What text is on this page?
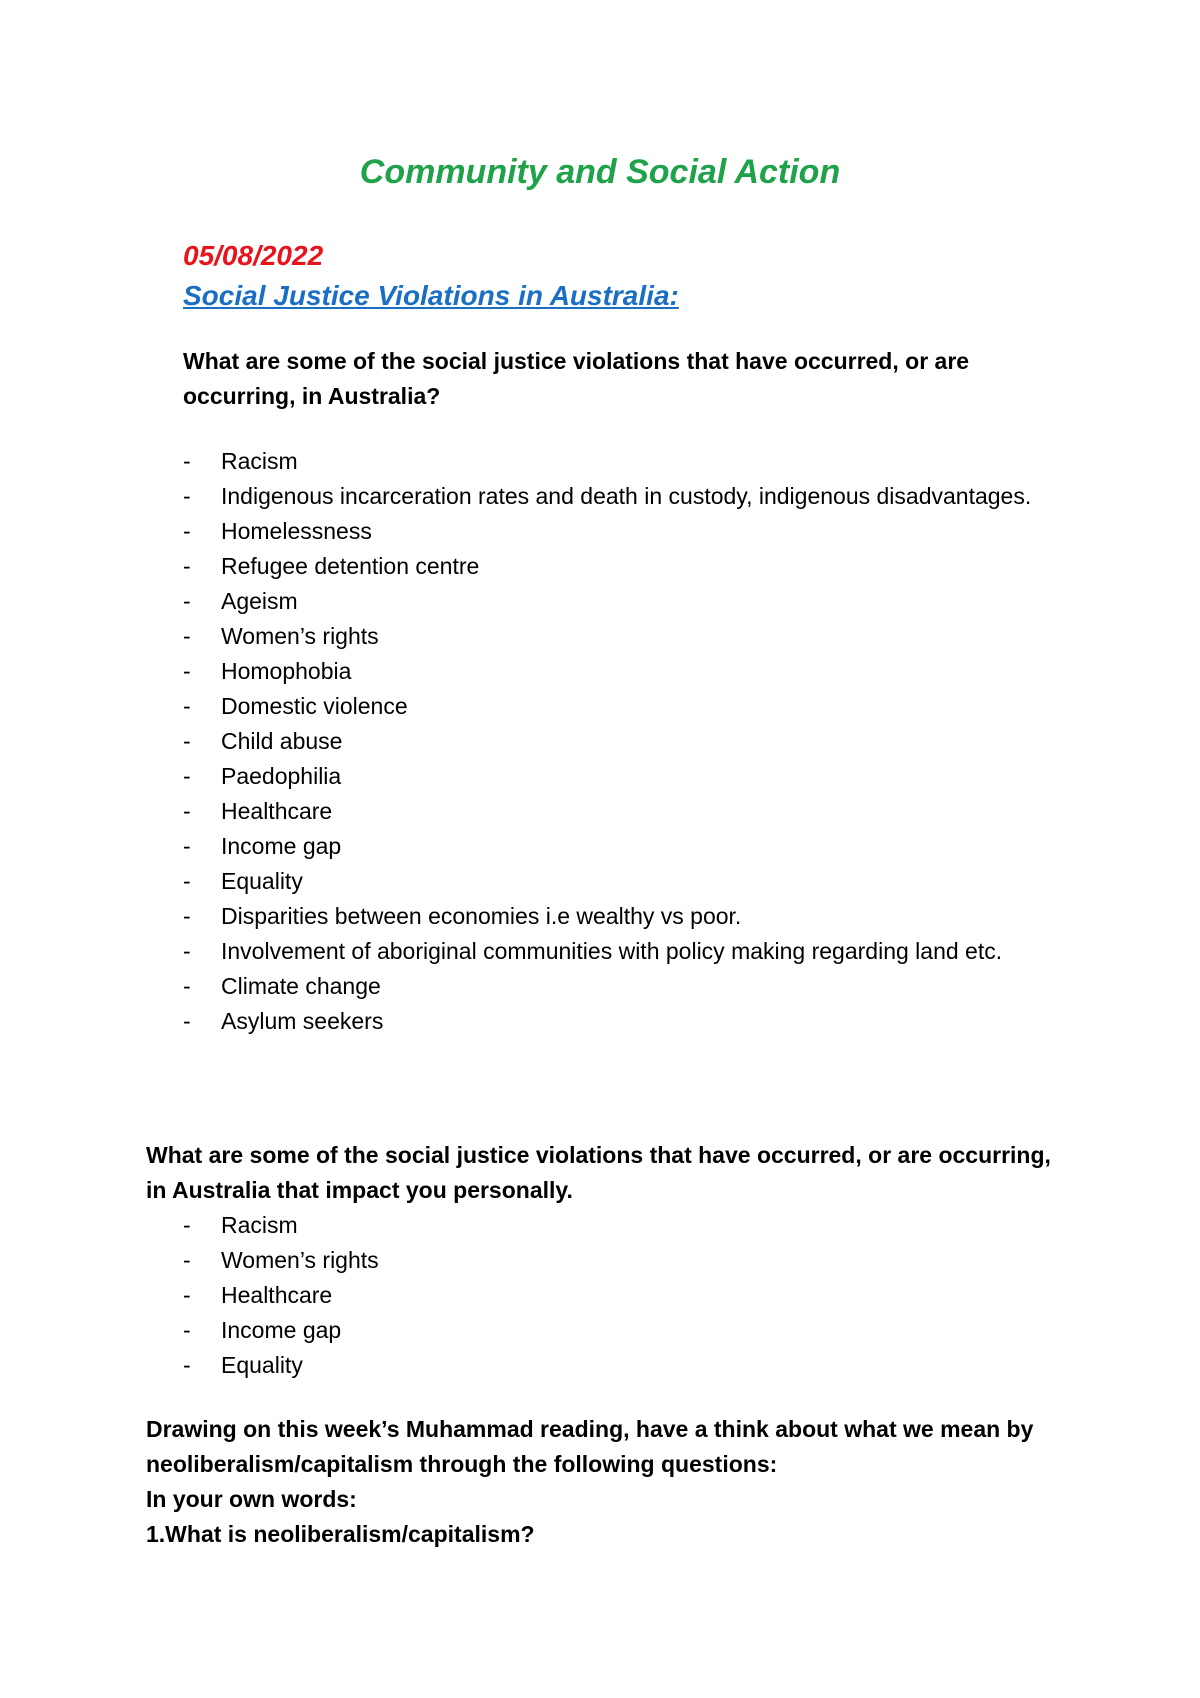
Community and Social Action
05/08/2022
Social Justice Violations in Australia:

What are some of the social justice violations that have occurred, or are occurring, in Australia?

- Racism
- Indigenous incarceration rates and death in custody, indigenous disadvantages.
- Homelessness
- Refugee detention centre
- Ageism
- Women’s rights
- Homophobia
- Domestic violence
- Child abuse
- Paedophilia
- Healthcare
- Income gap
- Equality
- Disparities between economies i.e wealthy vs poor.
- Involvement of aboriginal communities with policy making regarding land etc.
- Climate change
- Asylum seekers

What are some of the social justice violations that have occurred, or are occurring, in Australia that impact you personally.

- Racism
- Women’s rights
- Healthcare
- Income gap
- Equality
Drawing on this week’s Muhammad reading, have a think about what we mean by neoliberalism/capitalism through the following questions:
In your own words:
1.What is neoliberalism/capitalism?
